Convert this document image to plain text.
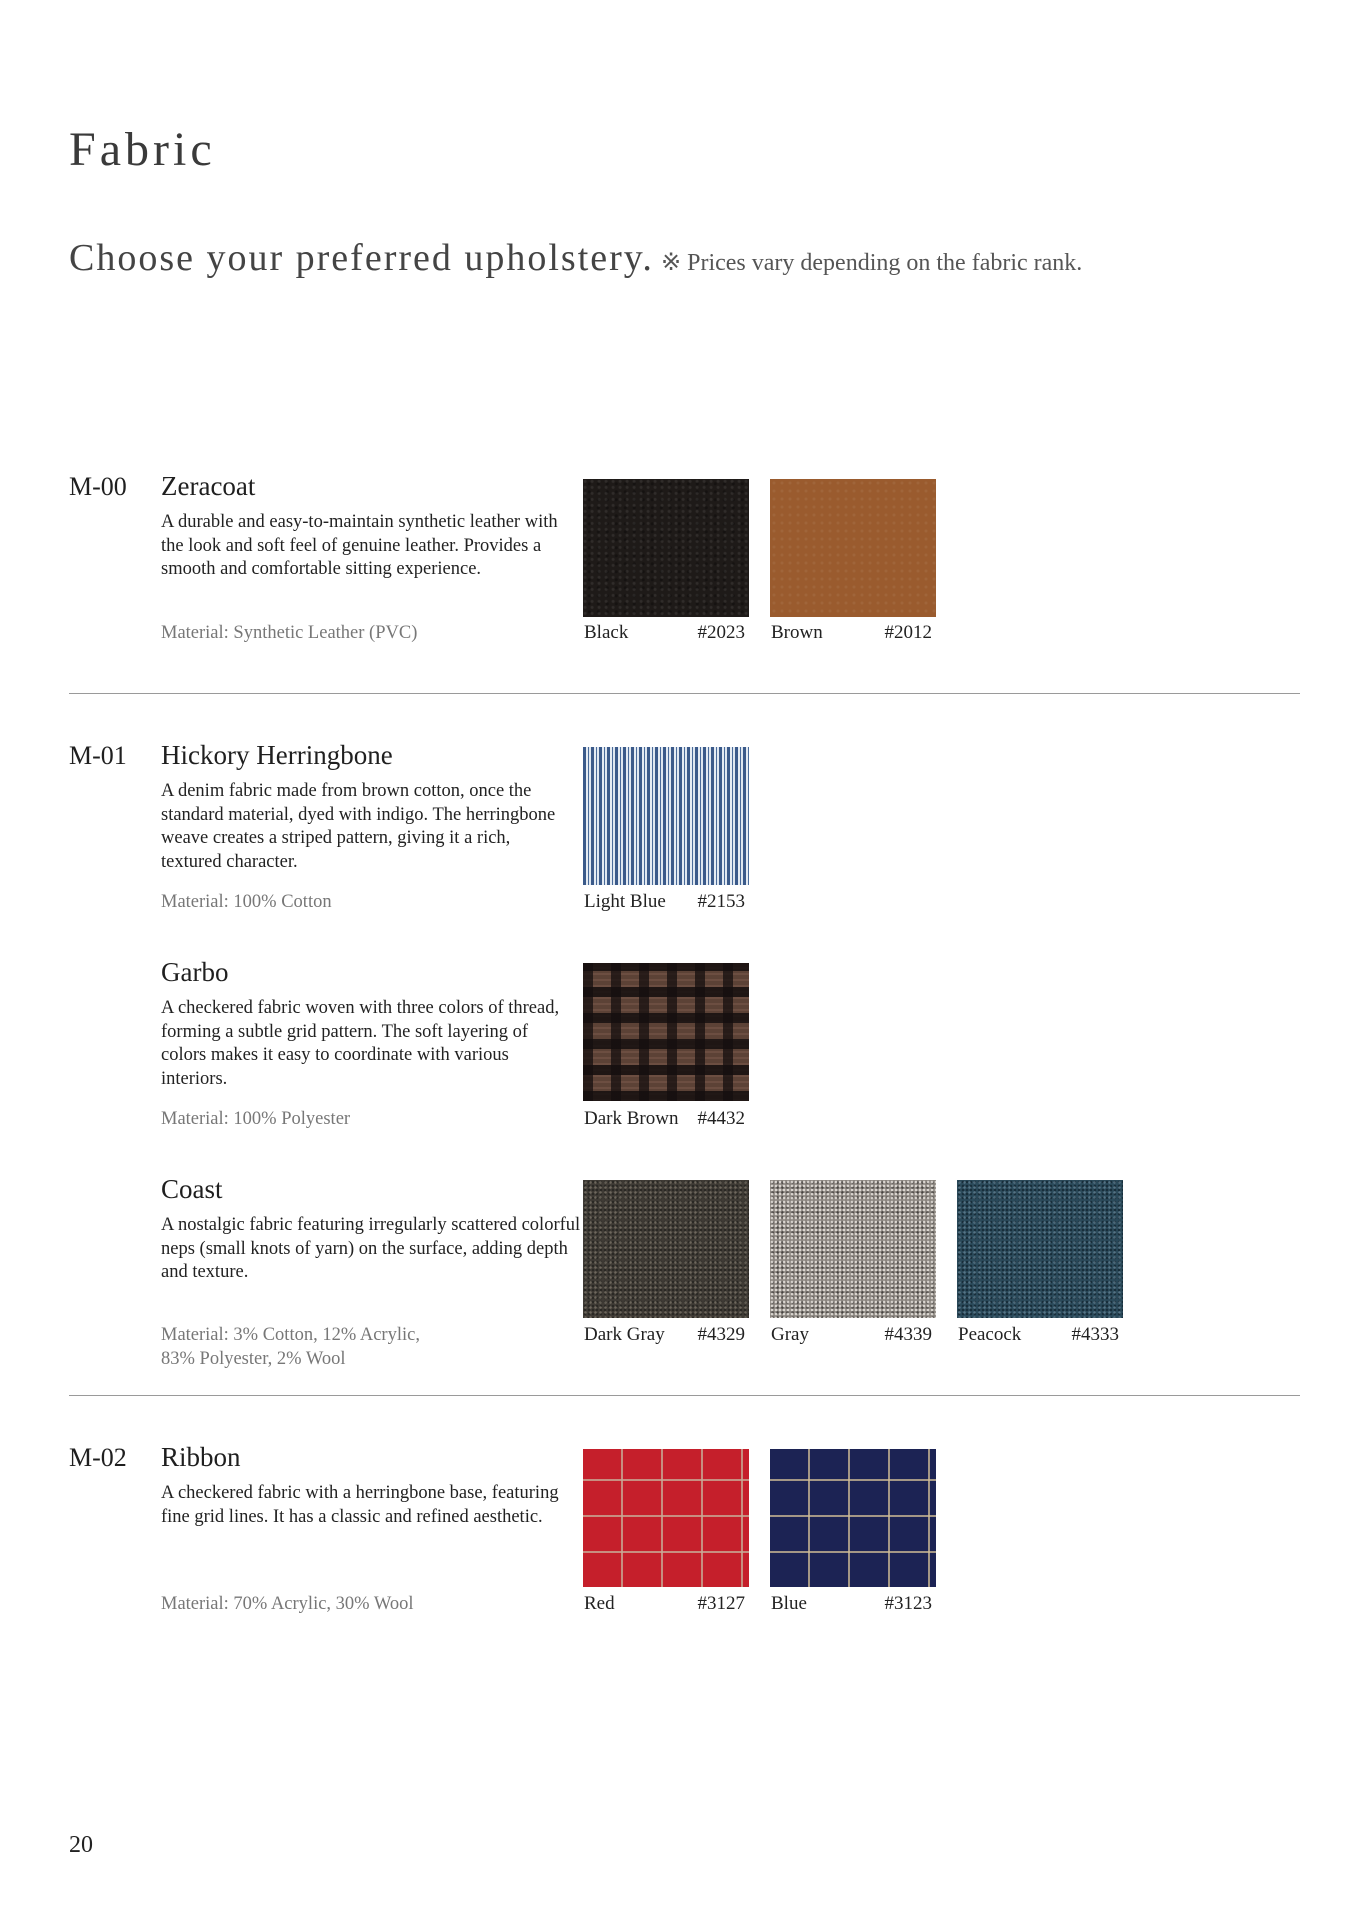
Fabric
Choose your preferred upholstery. ※ Prices vary depending on the fabric rank.
M-00 Zeracoat
A durable and easy-to-maintain synthetic leather with the look and soft feel of genuine leather. Provides a smooth and comfortable sitting experience.
Material: Synthetic Leather (PVC)	Black	#2023 Brown	#2012
M-01 Hickory Herringbone
A denim fabric made from brown cotton, once the standard material, dyed with indigo. The herringbone weave creates a striped pattern, giving it a rich, textured character.
Material: 100% Cotton	Light Blue	#2153
Garbo
A checkered fabric woven with three colors of thread, forming a subtle grid pattern. The soft layering of colors makes it easy to coordinate with various interiors.
Material: 100% Polyester	Dark Brown	#4432
Coast
A nostalgic fabric featuring irregularly scattered colorful neps (small knots of yarn) on the surface, adding depth and texture.
Material: 3% Cotton, 12% Acrylic,
83% Polyester, 2% Wool
Dark Gray	#4329 Gray	#4339 Peacock	#4333
M-02 Ribbon
A checkered fabric with a herringbone base, featuring fine grid lines. It has a classic and refined aesthetic.
Material: 70% Acrylic, 30% Wool	Red	#3127 Blue	#3123
20
